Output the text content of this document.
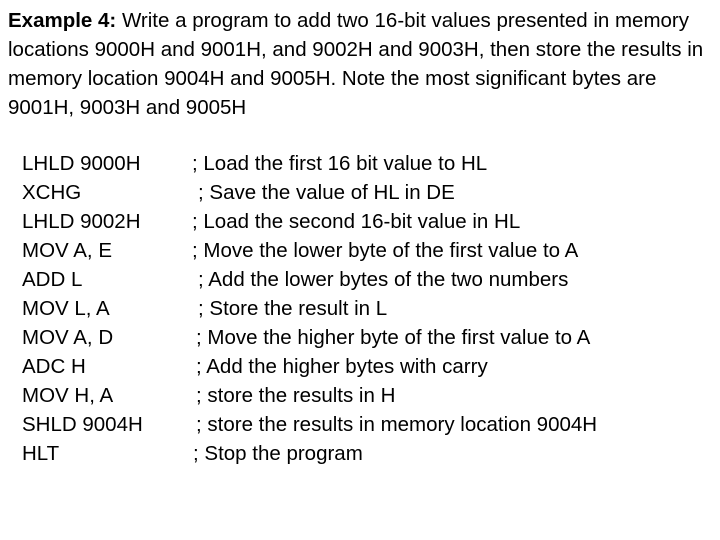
Example 4: Write a program to add two 16-bit values presented in memory locations 9000H and 9001H, and 9002H and 9003H, then store the results in memory location 9004H and 9005H. Note the most significant bytes are 9001H, 9003H and 9005H

LHLD 9000H	; Load the first 16 bit value to HL
XCHG	; Save the value of HL in DE
LHLD 9002H	; Load the second 16-bit value in HL
MOV A, E	; Move the lower byte of the first value to A
ADD L	; Add the lower bytes of the two numbers
MOV L, A	; Store the result in L
MOV A, D	; Move the higher byte of the first value to A
ADC H	; Add the higher bytes with carry
MOV H, A	; store the results in H
SHLD 9004H	; store the results in memory location 9004H
HLT	; Stop the program
